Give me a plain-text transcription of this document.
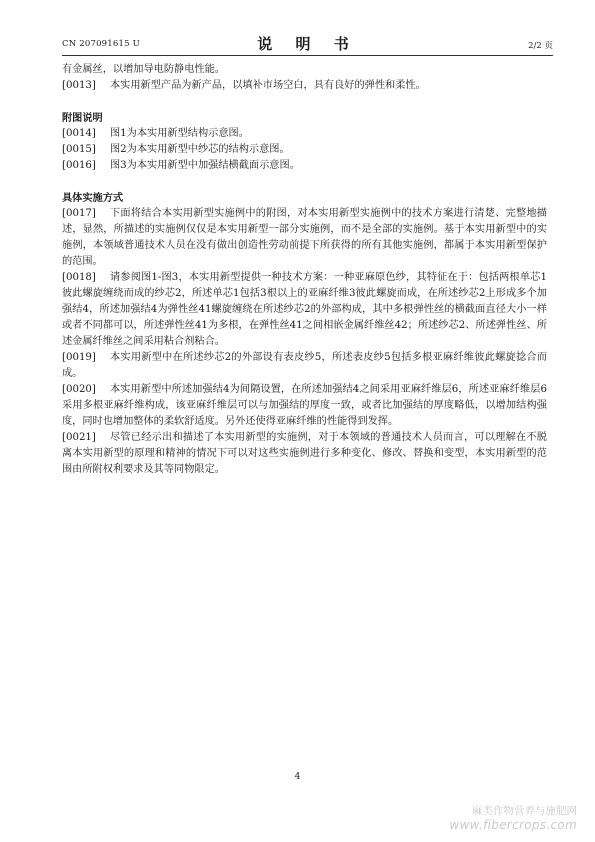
CN 207091615 U	说 明 书	2/2 页

有金属丝，以增加导电防静电性能。

[0013]	本实用新型产品为新产品，以填补市场空白，具有良好的弹性和柔性。

附图说明

[0014]	图1为本实用新型结构示意图。
[0015]	图2为本实用新型中纱芯的结构示意图。
[0016]	图3为本实用新型中加强结横截面示意图。

具体实施方式

[0017]	下面将结合本实用新型实施例中的附图，对本实用新型实施例中的技术方案进行清楚、完整地描述，显然，所描述的实施例仅仅是本实用新型一部分实施例，而不是全部的实施例。基于本实用新型中的实施例，本领域普通技术人员在没有做出创造性劳动前提下所获得的所有其他实施例，都属于本实用新型保护的范围。
[0018]	请参阅图1-图3，本实用新型提供一种技术方案：一种亚麻原色纱，其特征在于：包括两根单芯1彼此螺旋缠绕而成的纱芯2，所述单芯1包括3根以上的亚麻纤维3彼此螺旋而成，在所述纱芯2上形成多个加强结4，所述加强结4为弹性丝41螺旋缠绕在所述纱芯2的外部构成，其中多根弹性丝的横截面直径大小一样或者不同都可以，所述弹性丝41为多根，在弹性丝41之间相嵌金属纤维丝42；所述纱芯2、所述弹性丝、所述金属纤维丝之间采用粘合剂粘合。
[0019]	本实用新型中在所述纱芯2的外部设有表皮纱5，所述表皮纱5包括多根亚麻纤维彼此螺旋捻合而成。
[0020]	本实用新型中所述加强结4为间隔设置，在所述加强结4之间采用亚麻纤维层6，所述亚麻纤维层6采用多根亚麻纤维构成，该亚麻纤维层可以与加强结的厚度一致，或者比加强结的厚度略低，以增加结构强度，同时也增加整体的柔软舒适度。另外还使得亚麻纤维的性能得到发挥。
[0021]	尽管已经示出和描述了本实用新型的实施例，对于本领域的普通技术人员而言，可以理解在不脱离本实用新型的原理和精神的情况下可以对这些实施例进行多种变化、修改、替换和变型，本实用新型的范围由所附权利要求及其等同物限定。
4
麻类作物营养与施肥网
www.fibercrops.com
